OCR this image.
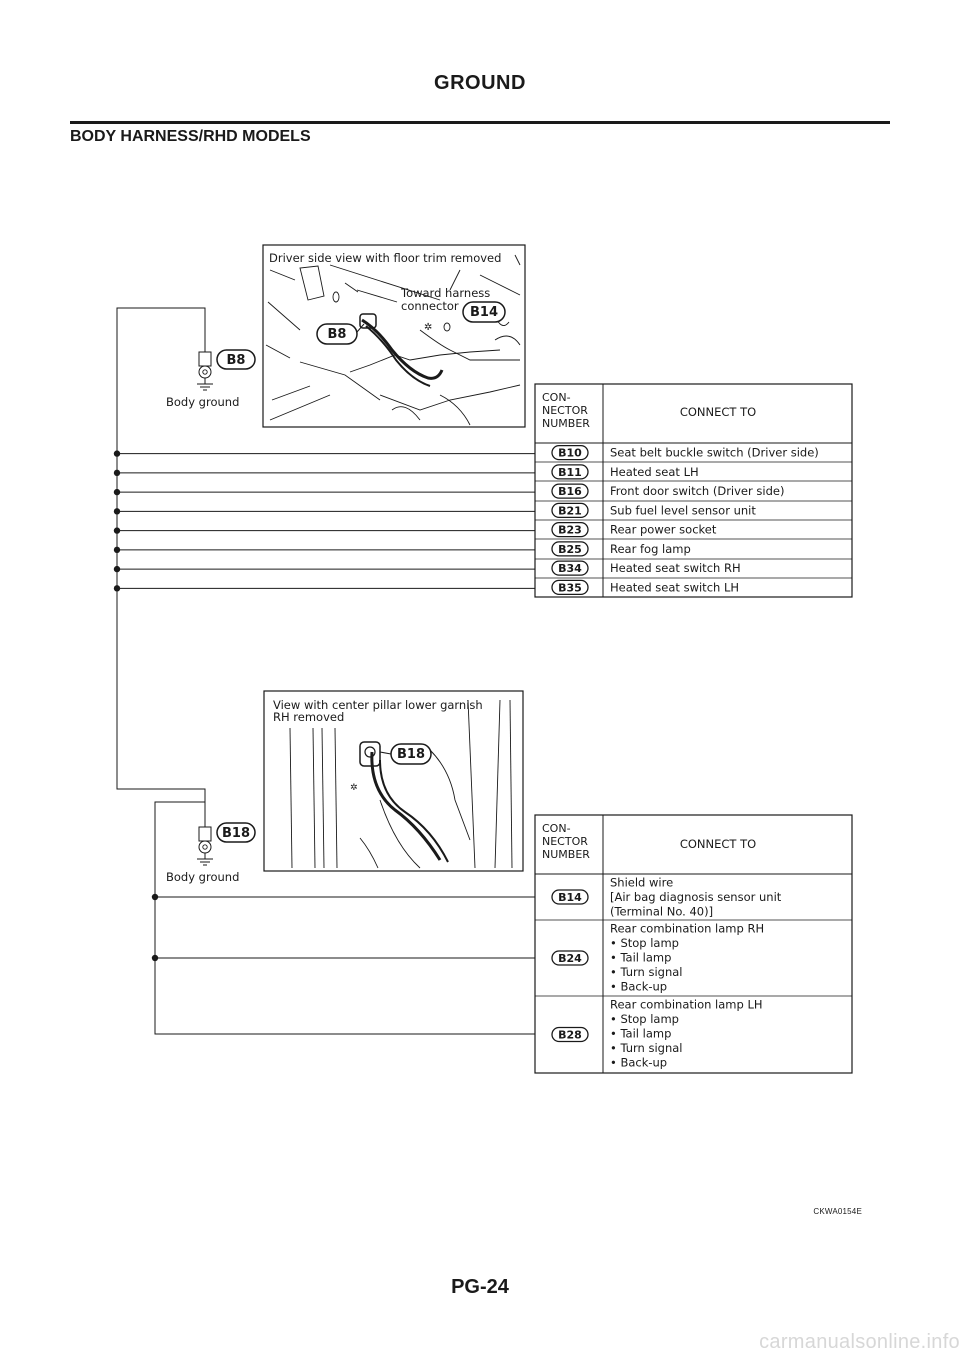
GROUND
BODY HARNESS/RHD MODELS
Driver side view with floor trim removed
✲
Toward harness
connector
B8
B14
B8
Body ground	CON-
NECTOR
NUMBER
CONNECT TO
B10 Seat belt buckle switch (Driver side)
B11 Heated seat LH
B16 Front door switch (Driver side)
B21 Sub fuel level sensor unit
B23 Rear power socket
B25 Rear fog lamp
B34 Heated seat switch RH
B35 Heated seat switch LH
View with center pillar lower garnish
RH removed
✲
B18
B18
Body ground
CON-
NECTOR
NUMBER
CONNECT TO
B14
Shield wire
[Air bag diagnosis sensor unit
(Terminal No. 40)]
B24
Rear combination lamp RH
• Stop lamp
• Tail lamp
• Turn signal
• Back-up
B28
Rear combination lamp LH
• Stop lamp
• Tail lamp
• Turn signal
• Back-up
CKWA0154E
PG-24
carmanualsonline.info
